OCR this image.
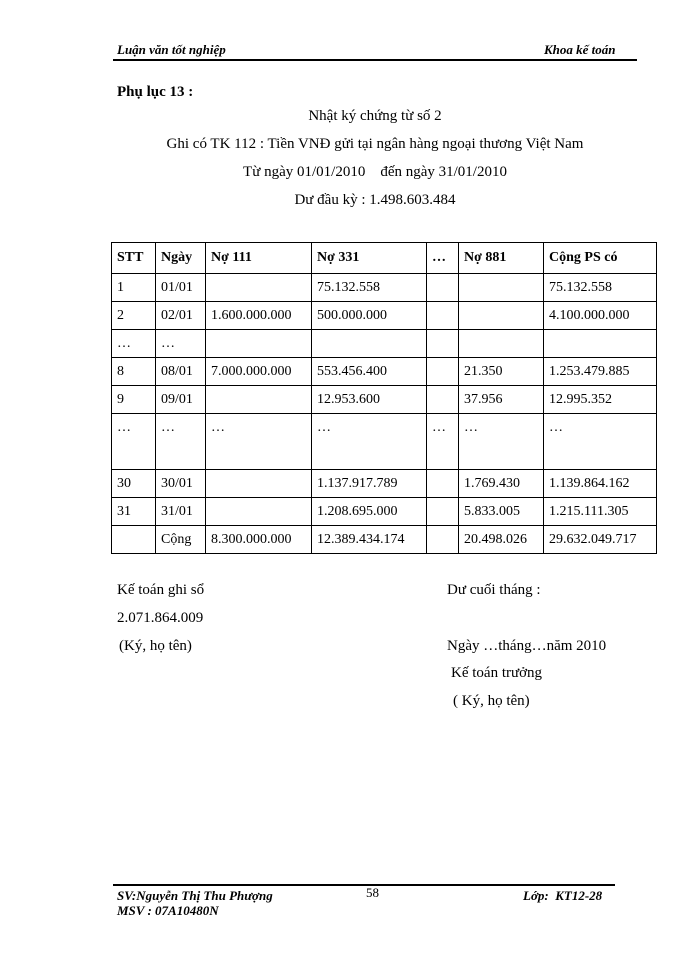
Luận văn tốt nghiệp	Khoa kế toán
Phụ lục 13 :
Nhật ký chứng từ số 2
Ghi có TK 112 : Tiền VNĐ gửi tại ngân hàng ngoại thương Việt Nam
Từ ngày 01/01/2010    đến ngày 31/01/2010
Dư đầu kỳ : 1.498.603.484
STT	Ngày	Nợ 111	Nợ 331	…	Nợ 881	Cộng PS có
1	01/01		75.132.558			75.132.558
2	02/01	1.600.000.000	500.000.000			4.100.000.000
…	…					
8	08/01	7.000.000.000	553.456.400		21.350	1.253.479.885
9	09/01		12.953.600		37.956	12.995.352
…	…	…	…	…	…	…
30	30/01		1.137.917.789		1.769.430	1.139.864.162
31	31/01		1.208.695.000		5.833.005	1.215.111.305
	Cộng	8.300.000.000	12.389.434.174		20.498.026	29.632.049.717
Kế toán ghi sổ
2.071.864.009
(Ký, họ tên)
Dư cuối tháng :
Ngày …tháng…năm 2010
Kế toán trưởng
( Ký, họ tên)
SV:Nguyễn Thị Thu Phượng
MSV : 07A10480N
58	Lớp:  KT12-28
